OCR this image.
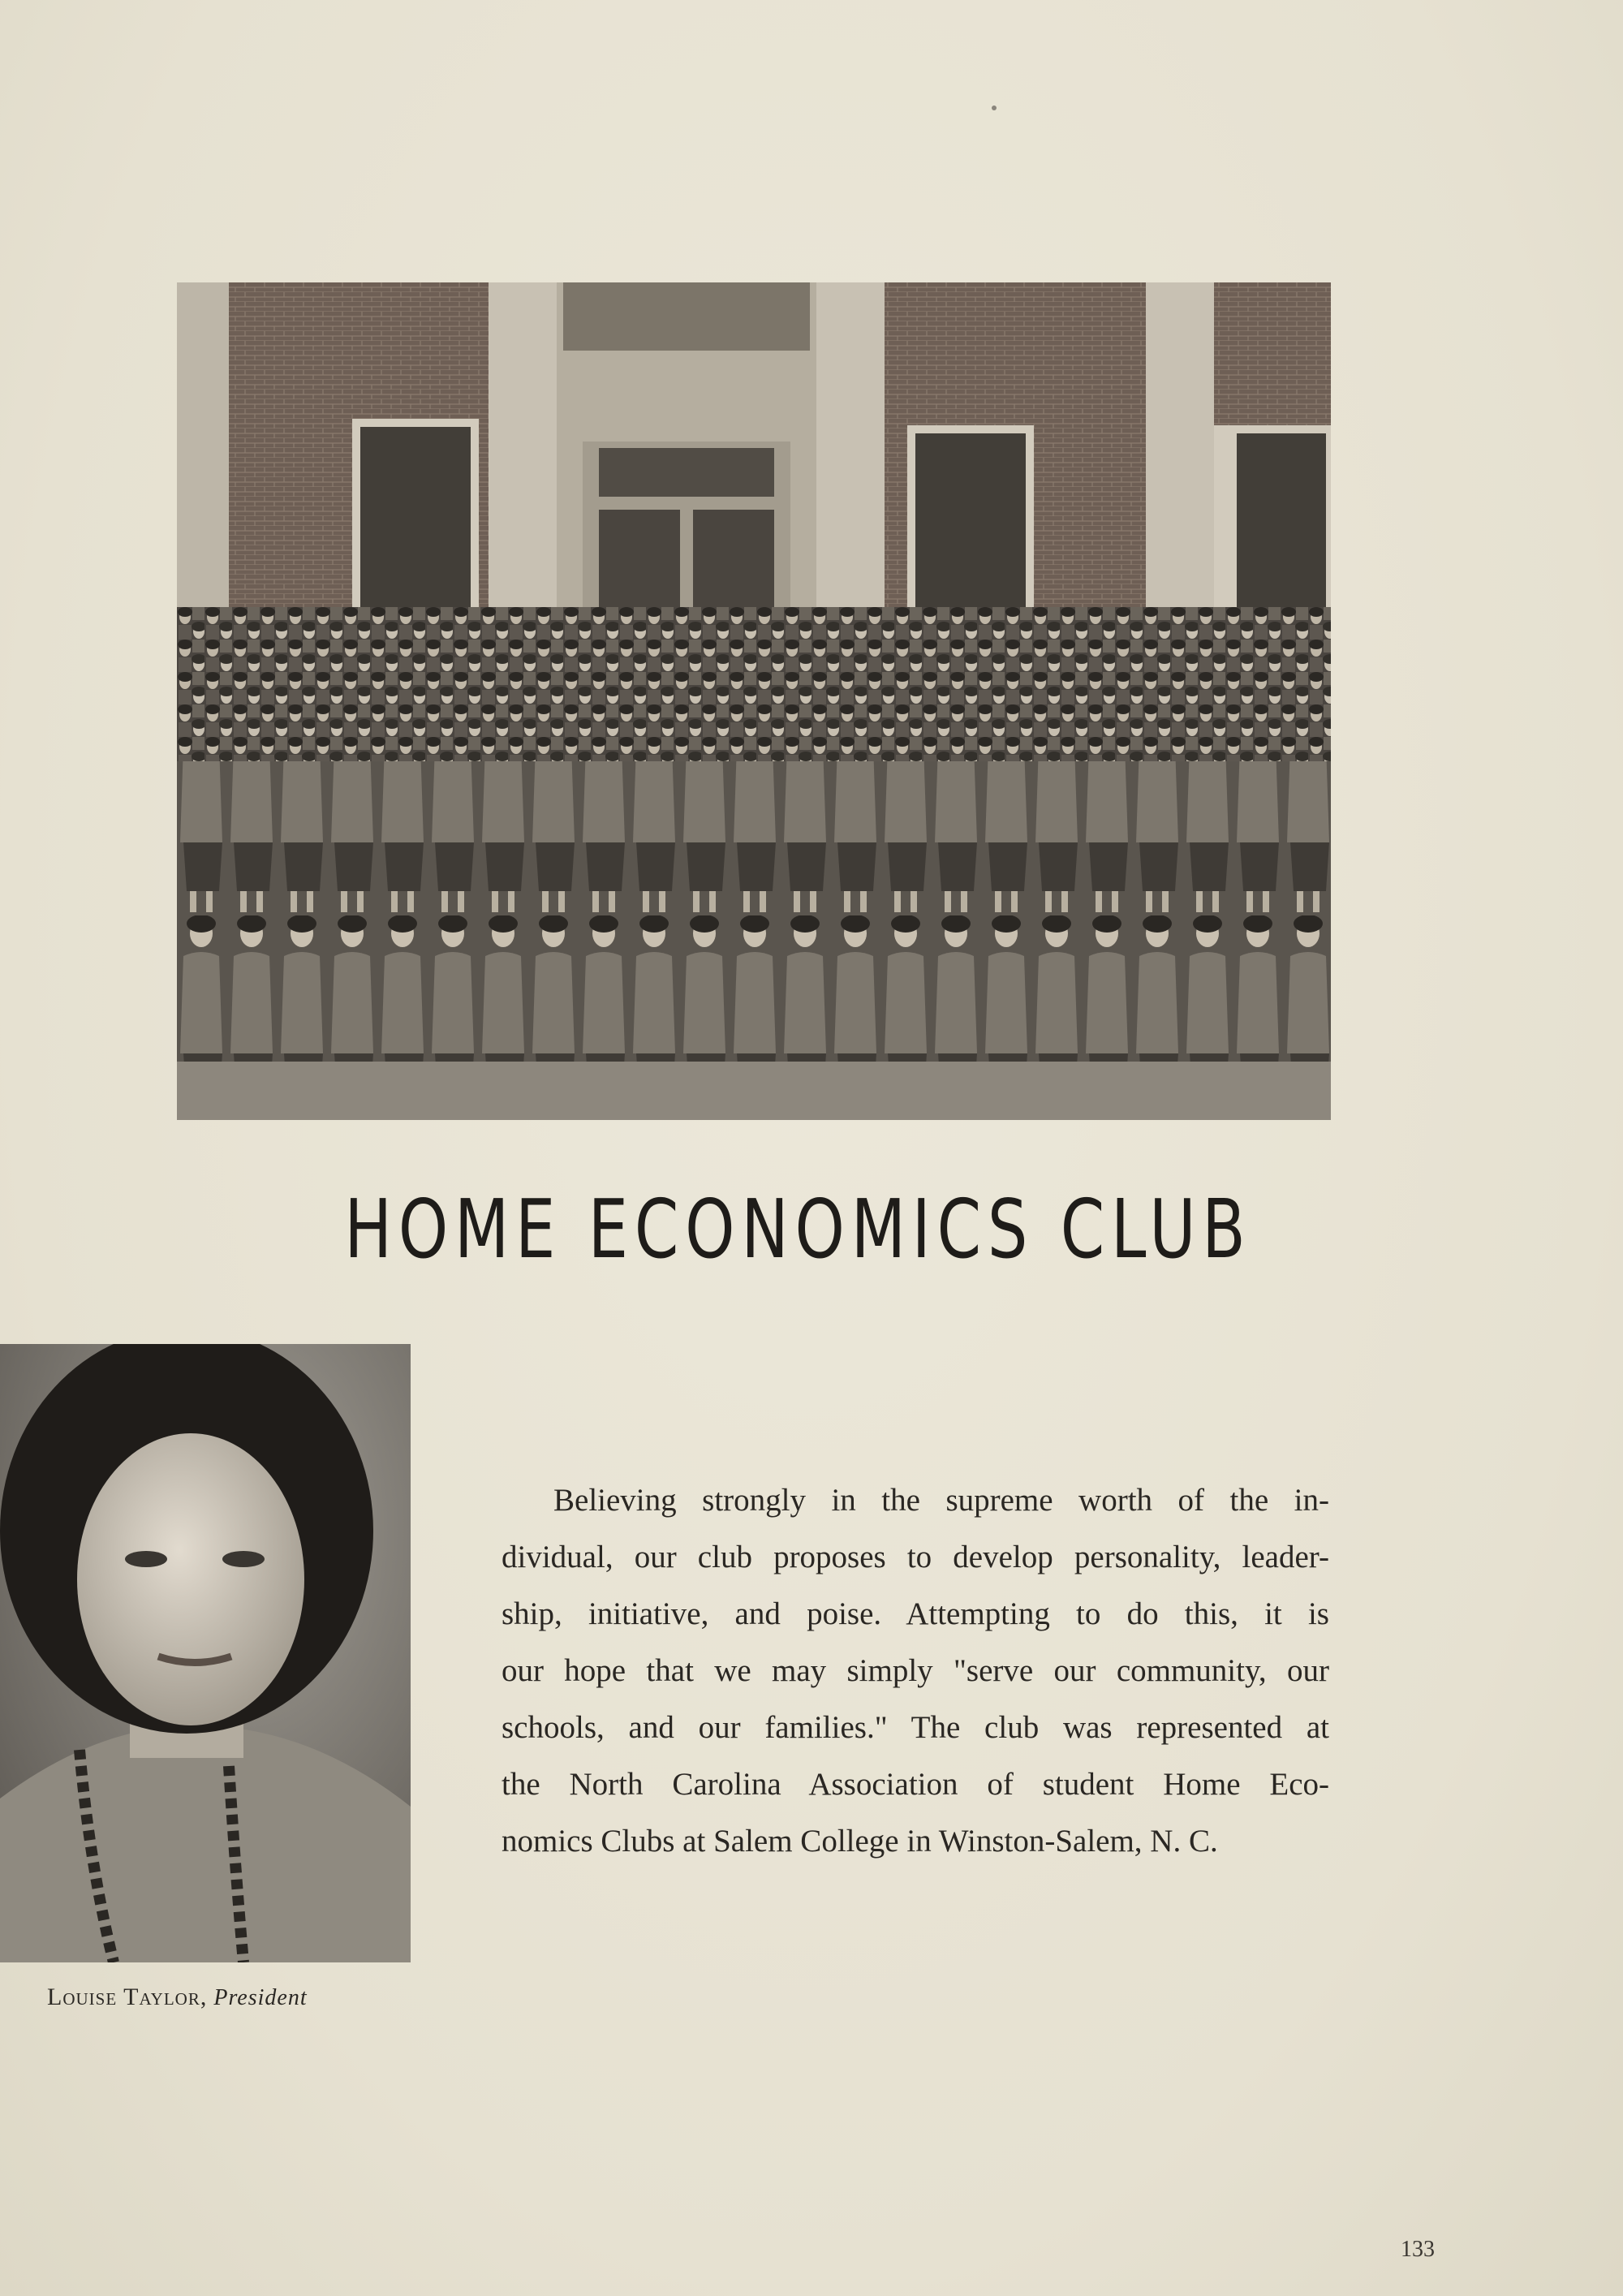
HOME ECONOMICS CLUB
Louise Taylor, President
Believing strongly in the supreme worth of the in-
dividual, our club proposes to develop personality, leader-
ship, initiative, and poise. Attempting to do this, it is
our hope that we may simply "serve our community, our
schools, and our families." The club was represented at
the North Carolina Association of student Home Eco-
nomics Clubs at Salem College in Winston-Salem, N. C.
133
